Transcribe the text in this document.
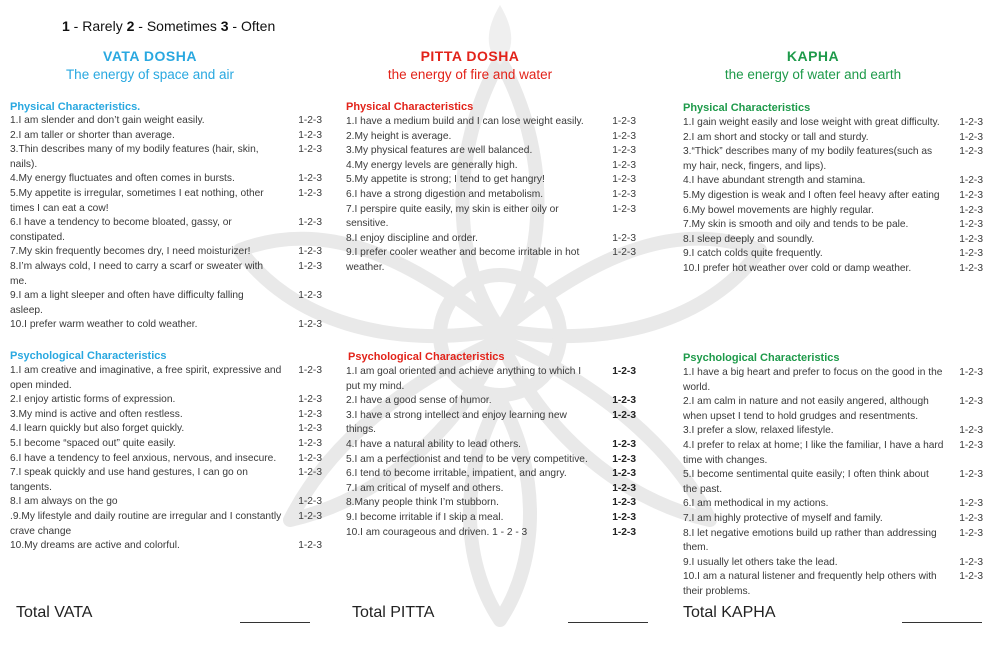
1 - Rarely 2 - Sometimes 3 - Often
VATA DOSHA
The energy of space and air
Physical Characteristics.
1.I am slender and don’t gain weight easily.	1-2-3
2.I am taller or shorter than average.	1-2-3
3.Thin describes many of my bodily features (hair, skin, nails).
1-2-3
4.My energy fluctuates and often comes in bursts.	1-2-3
5.My appetite is irregular, sometimes I eat nothing, other times I can eat a cow!
1-2-3
6.I have a tendency to become bloated, gassy, or constipated.
1-2-3
7.My skin frequently becomes dry, I need moisturizer!	1-2-3
8.I’m always cold, I need to carry a scarf or sweater with me.
1-2-3
9.I am a light sleeper and often have difficulty falling asleep.
1-2-3
10.I prefer warm weather to cold weather.	1-2-3
Psychological Characteristics
1.I am creative and imaginative, a free spirit, expressive and open minded.
1-2-3
2.I enjoy artistic forms of expression.	1-2-3
3.My mind is active and often restless.	1-2-3
4.I learn quickly but also forget quickly.	1-2-3
5.I become “spaced out” quite easily.	1-2-3
6.I have a tendency to feel anxious, nervous, and insecure.	1-2-3
7.I speak quickly and use hand gestures, I can go on tangents.
1-2-3
8.I am always on the go	1-2-3
.9.My lifestyle and daily routine are irregular and I constantly crave change
1-2-3
10.My dreams are active and colorful.	1-2-3
Total VATA
PITTA DOSHA
the energy of fire and water
Physical Characteristics
1.I have a medium build and I can lose weight easily.	1-2-3
2.My height is average.	1-2-3
3.My physical features are well balanced.	1-2-3
4.My energy levels are generally high.	1-2-3
5.My appetite is strong; I tend to get hangry!	1-2-3
6.I have a strong digestion and metabolism.	1-2-3
7.I perspire quite easily, my skin is either oily or sensitive.
1-2-3
8.I enjoy discipline and order.	1-2-3
9.I prefer cooler weather and become irritable in hot weather.
1-2-3
Psychological Characteristics
1.I am goal oriented and achieve anything to which I put my mind.
1-2-3
2.I have a good sense of humor.	1-2-3
3.I have a strong intellect and enjoy learning new things.
1-2-3
4.I have a natural ability to lead others.	1-2-3
5.I am a perfectionist and tend to be very competitive.	1-2-3
6.I tend to become irritable, impatient, and angry.	1-2-3
7.I am critical of myself and others.	1-2-3
8.Many people think I’m stubborn.	1-2-3
9.I become irritable if I skip a meal.	1-2-3
10.I am courageous and driven. 1 - 2 - 3	1-2-3
Total PITTA
KAPHA
the energy of water and earth
Physical Characteristics
1.I gain weight easily and lose weight with great difficulty.	1-2-3
2.I am short and stocky or tall and sturdy.	1-2-3
3.“Thick” describes many of my bodily features(such as my hair, neck, fingers, and lips).
1-2-3
4.I have abundant strength and stamina.	1-2-3
5.My digestion is weak and I often feel heavy after eating	1-2-3
6.My bowel movements are highly regular.	1-2-3
7.My skin is smooth and oily and tends to be pale.	1-2-3
8.I sleep deeply and soundly.	1-2-3
9.I catch colds quite frequently.	1-2-3
10.I prefer hot weather over cold or damp weather.	1-2-3
Psychological Characteristics
1.I have a big heart and prefer to focus on the good in the world.
1-2-3
2.I am calm in nature and not easily angered, although when upset I tend to hold grudges and resentments.
1-2-3
3.I prefer a slow, relaxed lifestyle.	1-2-3
4.I prefer to relax at home; I like the familiar, I have a hard time with changes.
1-2-3
5.I become sentimental quite easily; I often think about the past.
1-2-3
6.I am methodical in my actions.	1-2-3
7.I am highly protective of myself and family.	1-2-3
8.I let negative emotions build up rather than addressing them.
1-2-3
9.I usually let others take the lead.	1-2-3
10.I am a natural listener and frequently help others with their problems.
1-2-3
Total KAPHA
